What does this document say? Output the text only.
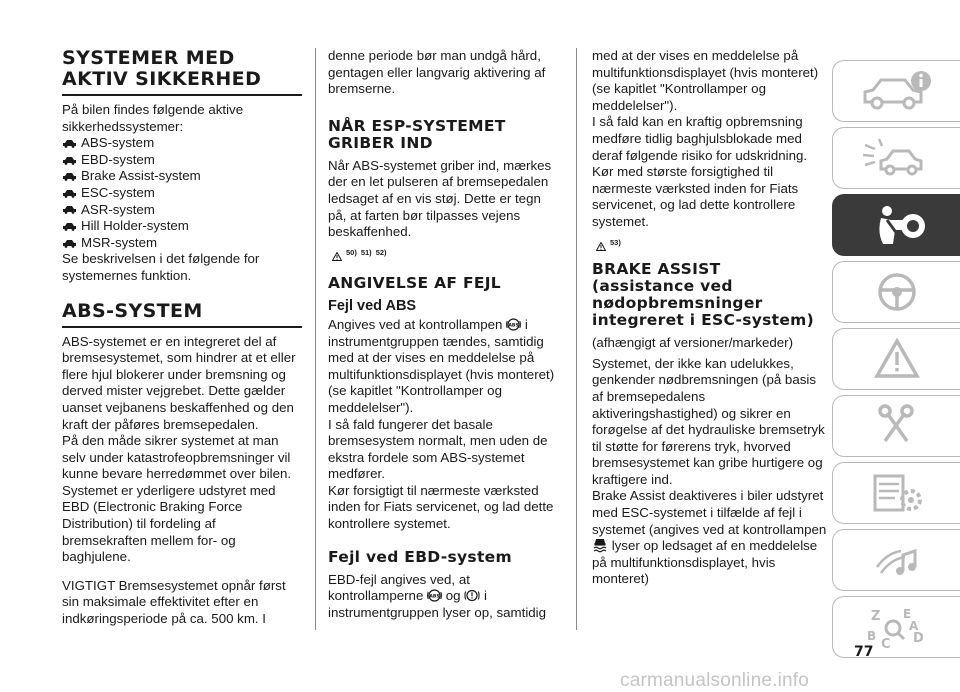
SYSTEMER MED
AKTIV SIKKERHED

På bilen findes følgende aktive sikkerhedssystemer:

ABS-system
EBD-system
Brake Assist-system
ESC-system
ASR-system
Hill Holder-system
MSR-system

Se beskrivelsen i det følgende for systemernes funktion.

ABS-SYSTEM

ABS-systemet er en integreret del af bremsesystemet, som hindrer at et eller flere hjul blokerer under bremsning og derved mister vejgrebet. Dette gælder uanset vejbanens beskaffenhed og den kraft der påføres bremsepedalen.

På den måde sikrer systemet at man selv under katastrofeopbremsninger vil kunne bevare herredømmet over bilen.

Systemet er yderligere udstyret med EBD (Electronic Braking Force Distribution) til fordeling af bremsekraften mellem for- og baghjulene.

VIGTIGT Bremsesystemet opnår først sin maksimale effektivitet efter en indkøringsperiode på ca. 500 km. I

denne periode bør man undgå hård, gentagen eller langvarig aktivering af bremserne.

NÅR ESP-SYSTEMET
GRIBER IND

Når ABS-systemet griber ind, mærkes der en let pulseren af bremsepedalen ledsaget af en vis støj. Dette er tegn på, at farten bør tilpasses vejens beskaffenhed.

50) 51) 52)
ANGIVELSE AF FEJL
Fejl ved ABS

Angives ved at kontrollampen ABS i instrumentgruppen tændes, samtidig med at der vises en meddelelse på multifunktionsdisplayet (hvis monteret) (se kapitlet "Kontrollamper og meddelelser").

I så fald fungerer det basale bremsesystem normalt, men uden de ekstra fordele som ABS-systemet medfører.

Kør forsigtigt til nærmeste værksted inden for Fiats servicenet, og lad dette kontrollere systemet.

Fejl ved EBD-system

EBD-fejl angives ved, at kontrollamperne ABS og i instrumentgruppen lyser op, samtidig

med at der vises en meddelelse på multifunktionsdisplayet (hvis monteret) (se kapitlet "Kontrollamper og meddelelser").

I så fald kan en kraftig opbremsning medføre tidlig baghjulsblokade med deraf følgende risiko for udskridning.

Kør med største forsigtighed til nærmeste værksted inden for Fiats servicenet, og lad dette kontrollere systemet.

53)
BRAKE ASSIST
(assistance ved
nødopbremsninger
integreret i ESC-system)

(afhængigt af versioner/markeder)

Systemet, der ikke kan udelukkes, genkender nødbremsningen (på basis af bremsepedalens aktiveringshastighed) og sikrer en forøgelse af det hydrauliske bremsetryk til støtte for førerens tryk, hvorved bremsesystemet kan gribe hurtigere og kraftigere ind.

Brake Assist deaktiveres i biler udstyret med ESC-systemet i tilfælde af fejl i systemet (angives ved at kontrollampen  lyser op ledsaget af en meddelelse på multifunktionsdisplayet, hvis monteret)

Z E
B
C D
A
77
carmanualsonline.info
